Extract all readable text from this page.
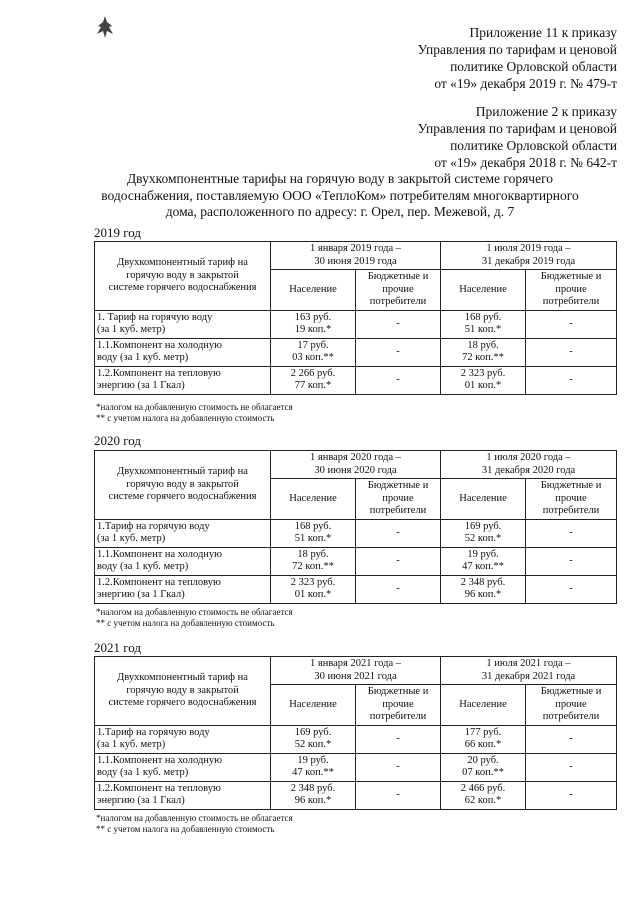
Приложение 11 к приказу
Управления по тарифам и ценовой
политике Орловской области
от «19» декабря 2019 г. № 479-т
Приложение 2 к приказу
Управления по тарифам и ценовой
политике Орловской области
от «19» декабря 2018 г. № 642-т
Двухкомпонентные тарифы на горячую воду в закрытой системе горячего
водоснабжения, поставляемую ООО «ТеплоКом» потребителям многоквартирного
дома, расположенного по адресу: г. Орел, пер. Межевой, д. 7
2019 год
Двухкомпонентный тариф на
горячую воду в закрытой
системе горячего водоснабжения	1 января 2019 года –
30 июня 2019 года		1 июля 2019 года –
31 декабря 2019 года	

	Население	Бюджетные и
прочие
потребители	Население	Бюджетные и
прочие
потребители

1. Тариф на горячую воду
(за 1 куб. метр)	163 руб.
19 коп.*	-	168 руб.
51 коп.*	-

1.1.Компонент на холодную
воду (за 1 куб. метр)	17 руб.
03 коп.**	-	18 руб.
72 коп.**	-

1.2.Компонент на тепловую
энергию (за 1 Гкал)	2 266 руб.
77 коп.*	-	2 323 руб.
01 коп.*	-
*налогом на добавленную стоимость не облагается
** с учетом налога на добавленную стоимость
2020 год
Двухкомпонентный тариф на
горячую воду в закрытой
системе горячего водоснабжения	1 января 2020 года –
30 июня 2020 года		1 июля 2020 года –
31 декабря 2020 года	

	Население	Бюджетные и
прочие
потребители	Население	Бюджетные и
прочие
потребители

1.Тариф на горячую воду
(за 1 куб. метр)	168 руб.
51 коп.*	-	169 руб.
52 коп.*	-

1.1.Компонент на холодную
воду (за 1 куб. метр)	18 руб.
72 коп.**	-	19 руб.
47 коп.**	-

1.2.Компонент на тепловую
энергию (за 1 Гкал)	2 323 руб.
01 коп.*	-	2 348 руб.
96 коп.*	-
*налогом на добавленную стоимость не облагается
** с учетом налога на добавленную стоимость
2021 год
Двухкомпонентный тариф на
горячую воду в закрытой
системе горячего водоснабжения	1 января 2021 года –
30 июня 2021 года		1 июля 2021 года –
31 декабря 2021 года	

	Население	Бюджетные и
прочие
потребители	Население	Бюджетные и
прочие
потребители

1.Тариф на горячую воду
(за 1 куб. метр)	169 руб.
52 коп.*	-	177 руб.
66 коп.*	-

1.1.Компонент на холодную
воду (за 1 куб. метр)	19 руб.
47 коп.**	-	20 руб.
07 коп.**	-

1.2.Компонент на тепловую
энергию (за 1 Гкал)	2 348 руб.
96 коп.*	-	2 466 руб.
62 коп.*	-
*налогом на добавленную стоимость не облагается
** с учетом налога на добавленную стоимость
